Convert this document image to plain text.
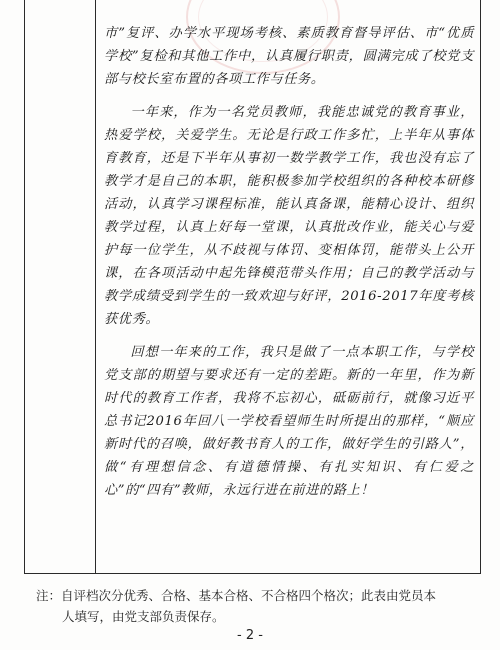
市”复评、办学水平现场考核、素质教育督导评估、市“优质学校”复检和其他工作中，认真履行职责，圆满完成了校党支部与校长室布置的各项工作与任务。

一年来，作为一名党员教师，我能忠诚党的教育事业，热爱学校，关爱学生。无论是行政工作多忙，上半年从事体育教育，还是下半年从事初一数学教学工作，我也没有忘了教学才是自己的本职，能积极参加学校组织的各种校本研修活动，认真学习课程标准，能认真备课，能精心设计、组织教学过程，认真上好每一堂课，认真批改作业，能关心与爱护每一位学生，从不歧视与体罚、变相体罚，能带头上公开课，在各项活动中起先锋模范带头作用；自己的教学活动与教学成绩受到学生的一致欢迎与好评，2016-2017年度考核获优秀。

回想一年来的工作，我只是做了一点本职工作，与学校党支部的期望与要求还有一定的差距。新的一年里，作为新时代的教育工作者，我将不忘初心，砥砺前行，就像习近平总书记2016年回八一学校看望师生时所提出的那样，“顺应新时代的召唤，做好教书育人的工作，做好学生的引路人”，做“有理想信念、有道德情操、有扎实知识、有仁爱之心”的“四有”教师，永远行进在前进的路上！

注：自评档次分优秀、合格、基本合格、不合格四个格次；此表由党员本
人填写，由党支部负责保存。
- 2 -
